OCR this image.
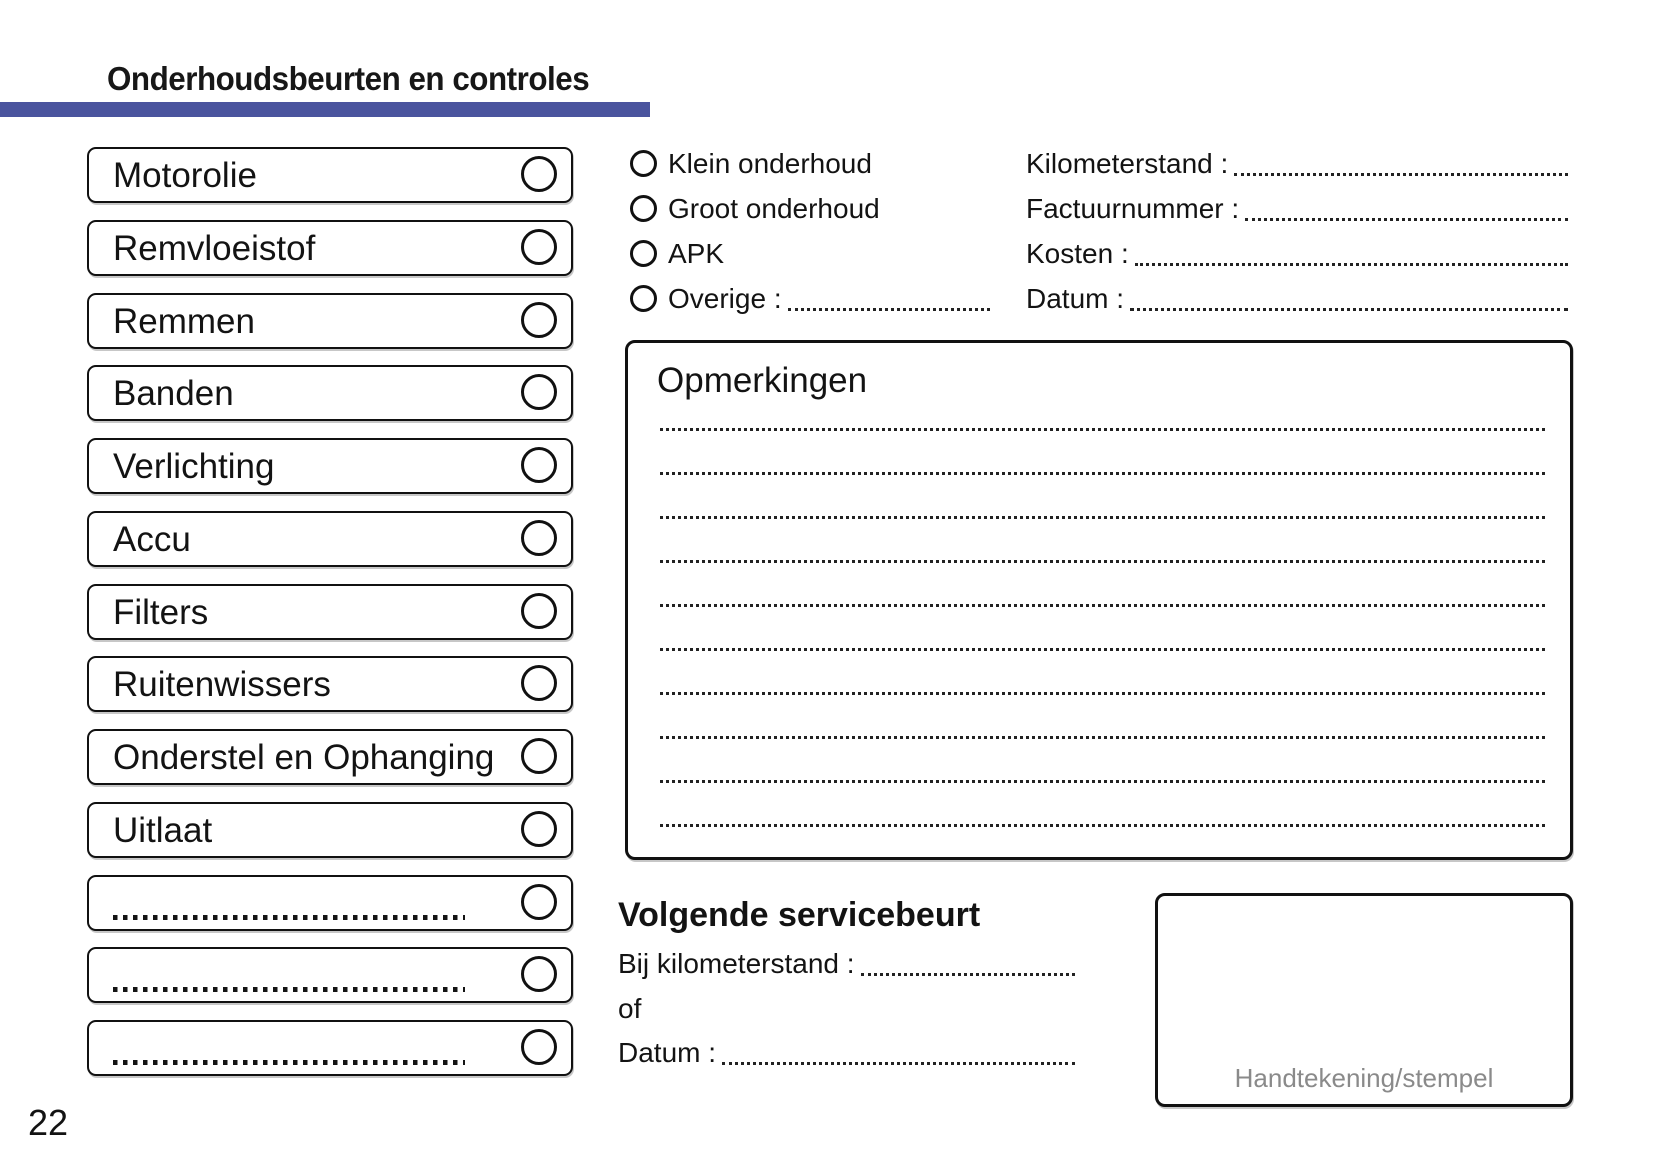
Onderhoudsbeurten en controles
Motorolie
Remvloeistof
Remmen
Banden
Verlichting
Accu
Filters
Ruitenwissers
Onderstel en Ophanging
Uitlaat
Klein onderhoud
Groot onderhoud
APK
Overige :
Kilometerstand :
Factuurnummer :
Kosten :
Datum :
Opmerkingen
Volgende servicebeurt
Bij kilometerstand :
of
Datum :
Handtekening/stempel
22
